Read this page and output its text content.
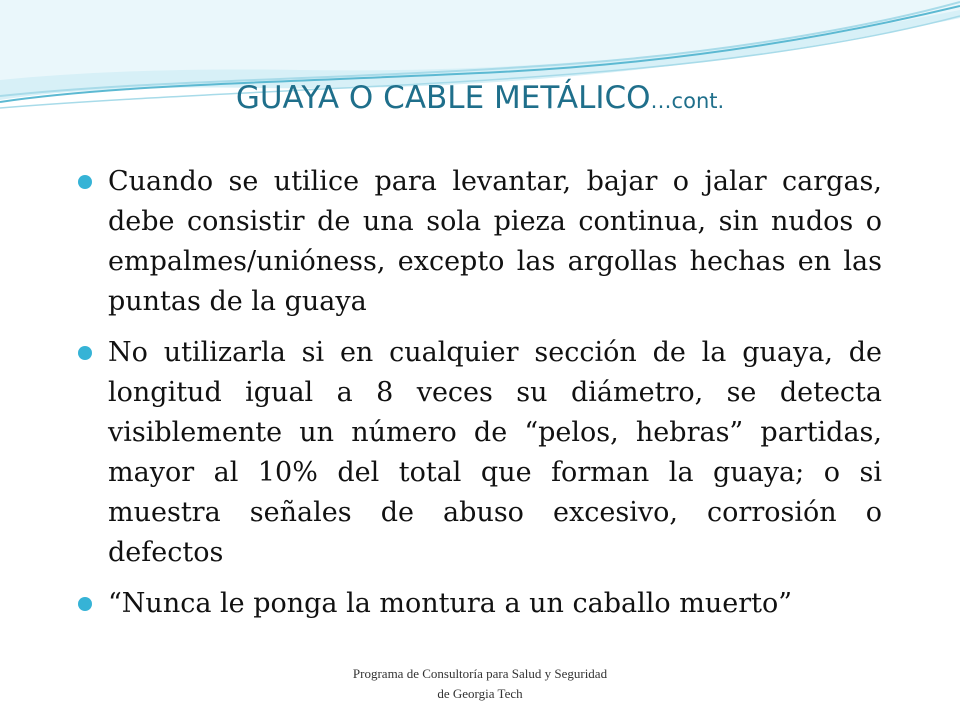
GUAYA O CABLE METÁLICO…cont.
Cuando se utilice para levantar, bajar o jalar cargas, debe consistir de una sola pieza continua, sin nudos o empalmes/unióness, excepto las argollas hechas en las puntas de la guaya
No utilizarla si en cualquier sección de la guaya, de longitud igual a 8 veces su diámetro, se detecta visiblemente un número de “pelos, hebras” partidas, mayor al 10% del total que forman la guaya; o si muestra señales de abuso excesivo, corrosión o defectos
“Nunca le ponga la montura a un caballo muerto”
Programa de Consultoría para Salud y Seguridad
de Georgia Tech
